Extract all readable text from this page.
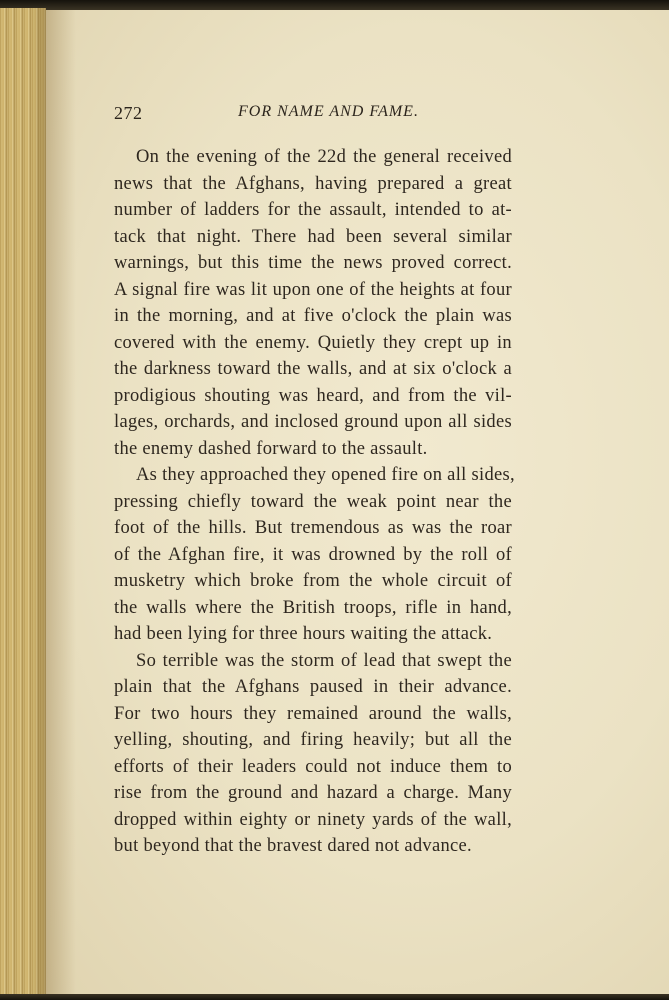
272	FOR NAME AND FAME.
On the evening of the 22d the general received
news that the Afghans, having prepared a great
number of ladders for the assault, intended to at-
tack that night. There had been several similar
warnings, but this time the news proved correct.
A signal fire was lit upon one of the heights at four
in the morning, and at five o'clock the plain was
covered with the enemy. Quietly they crept up in
the darkness toward the walls, and at six o'clock a
prodigious shouting was heard, and from the vil-
lages, orchards, and inclosed ground upon all sides
the enemy dashed forward to the assault.
As they approached they opened fire on all sides,
pressing chiefly toward the weak point near the
foot of the hills. But tremendous as was the roar
of the Afghan fire, it was drowned by the roll of
musketry which broke from the whole circuit of
the walls where the British troops, rifle in hand,
had been lying for three hours waiting the attack.
So terrible was the storm of lead that swept the
plain that the Afghans paused in their advance.
For two hours they remained around the walls,
yelling, shouting, and firing heavily; but all the
efforts of their leaders could not induce them to
rise from the ground and hazard a charge. Many
dropped within eighty or ninety yards of the wall,
but beyond that the bravest dared not advance.
